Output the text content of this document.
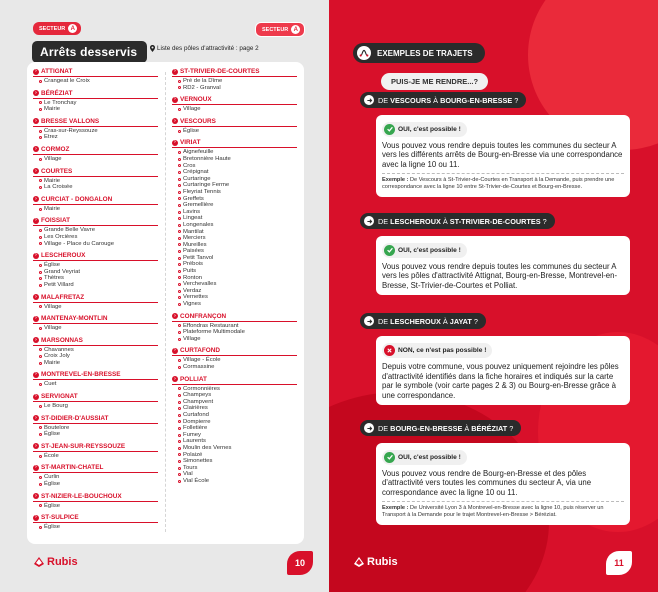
SECTEUR A
Arrêts desservis	Liste des pôles d'attractivité : page 2
› ATTIGNAT
Crangeat le Croix
› BÉRÉZIAT
Le Tronchay
Mairie
› BRESSE VALLONS
Cras-sur-Reyssouze
Etrez
› CORMOZ
Village
› COURTES
Mairie
La Croisée
› CURCIAT - DONGALON
Mairie
› FOISSIAT
Grande Belle Vavre
Les Orcières
Village - Place du Carouge
› LESCHEROUX
Église
Grand Veyriat
Thètres
Petit Villard
› MALAFRETAZ
Village
› MANTENAY-MONTLIN
Village
› MARSONNAS
Chavannes
Croix Joly
Mairie
› MONTREVEL-EN-BRESSE
Cuet
› SERVIGNAT
Le Bourg
› ST-DIDIER-D'AUSSIAT
Boutelore
Église
› ST-JEAN-SUR-REYSSOUZE
École
› ST-MARTIN-CHATEL
Curlin
Église
› ST-NIZIER-LE-BOUCHOUX
Église
› ST-SULPICE
Église
› ST-TRIVIER-DE-COURTES
Pré de la Dîme
RD2 - Granval
› VERNOUX
Village
› VESCOURS
Église
› VIRIAT
Aignefeuille
Bretonnière Haute
Cros
Crépignat
Curtaringe
Curtaringe Ferme
Fleyriat Tennis
Greffets
Gremellière
Lavins
Lingeat
Longenales
Mantilat
Merciers
Mureilles
Paisées
Petit Tanvol
Prébois
Puits
Ronton
Verchevalles
Verdaz
Vernettes
Vignes
› CONFRANÇON
Effondras Restaurant
Plateforme Multimodale
Village
› CURTAFOND
Village - École
Cormassine
› POLLIAT
Cormonnières
Champeys
Champvent
Clairières
Curtafond
Dompierre
Folletière
Fumey
Laurents
Moulin des Vernes
Polaizé
Simonettes
Tours
Vial
Vial École
Rubis	10
SECTEUR A
EXEMPLES DE TRAJETS
PUIS-JE ME RENDRE...?
DE VESCOURS À BOURG-EN-BRESSE ?
OUI, c'est possible !
Vous pouvez vous rendre depuis toutes les communes du secteur A vers les différents arrêts de Bourg-en-Bresse via une correspondance avec la ligne 10 ou 11.
Exemple : De Vescours à St-Trivier-de-Courtes en Transport à la Demande, puis prendre une correspondance avec la ligne 10 entre St-Trivier-de-Courtes et Bourg-en-Bresse.
DE LESCHEROUX À ST-TRIVIER-DE-COURTES ?
OUI, c'est possible !
Vous pouvez vous rendre depuis toutes les communes du secteur A vers les pôles d'attractivité Attignat, Bourg-en-Bresse, Montrevel-en-Bresse, St-Trivier-de-Courtes et Polliat.
DE LESCHEROUX À JAYAT ?
NON, ce n'est pas possible !
Depuis votre commune, vous pouvez uniquement rejoindre les pôles d'attractivité identifiés dans la fiche horaires et indiqués sur la carte par le symbole (voir carte pages 2 & 3) ou Bourg-en-Bresse grâce à une correspondance.
DE BOURG-EN-BRESSE À BÉRÉZIAT ?
OUI, c'est possible !
Vous pouvez vous rendre de Bourg-en-Bresse et des pôles d'attractivité vers toutes les communes du secteur A, via une correspondance avec la ligne 10 ou 11.
Exemple : De Université Lyon 3 à Montrevel-en-Bresse avec la ligne 10, puis réserver un Transport à la Demande pour le trajet Montrevel-en-Bresse > Béréziat.
Rubis	11
